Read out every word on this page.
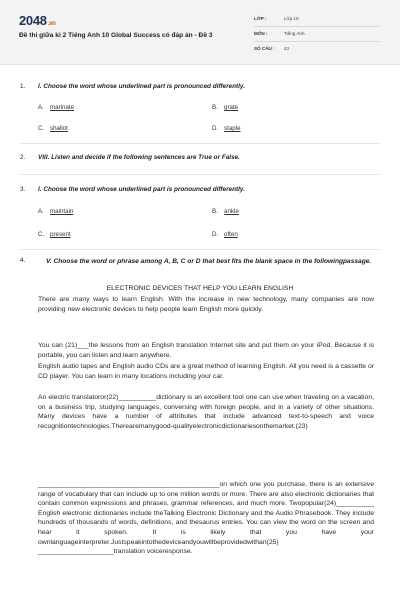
2048.vn
Đề thi giữa kì 2 Tiếng Anh 10 Global Success có đáp án - Đề 3
LỚP :	Lớp 10
MÔN :	Tiếng Anh
SỐ CÂU : 43
1.	I. Choose the word whose underlined part is pronounced differently.
A. marinate	B. grate
C. shallot	D. staple
2.	VIII. Listen and decide if the following sentences are True or False.
3.	I. Choose the word whose underlined part is pronounced differently.
A. maintain	B. ankle
C. present	D. often
4.	V. Choose the word or phrase among A, B, C or D that best fits the blank space in the followingpassage.
ELECTRONIC DEVICES THAT HELP YOU LEARN ENGLISH
There are many ways to learn English. With the increase in new technology, many companies are now providing new electronic devices to help people learn English more quickly.
You can (21)___the lessons from an English translation Internet site and put them on your iPod. Because it is portable, you can listen and learn anywhere.
English audio tapes and English audio CDs are a great method of learning English. All you need is a cassette or CD player. You can learn in many locations including your car.
An electric translatoror(22)__________dictionary is an excellent tool one can use when traveling on a vacation, on a business trip, studying languages, conversing with foreign people, and in a variety of other situations. Many devices have a number of attributes that include advanced text-to-speech and voice recognitiontechnologies.Therearemanygood-qualityelectronicdictionariesonthemarket.(23)
________________________________________________on which one you purchase, there is an extensive range of vocabulary that can include up to one million words or more. There are also electronic dictionaries that contain common expressions and phrases, grammar references, and much more. Twopopular(24)__________ English electronic dictionaries include theTalking Electronic Dictionary and the Audio Phrasebook. They include hundreds of thousands of words, definitions, and thesaurus entries. You can view the word on the screen and hear it spoken. It is likely that you have your ownlanguageinterpreter.Justspeakintothedeviceandyouwillbeprovidedwithan(25) ____________________translation voiceresponse.
